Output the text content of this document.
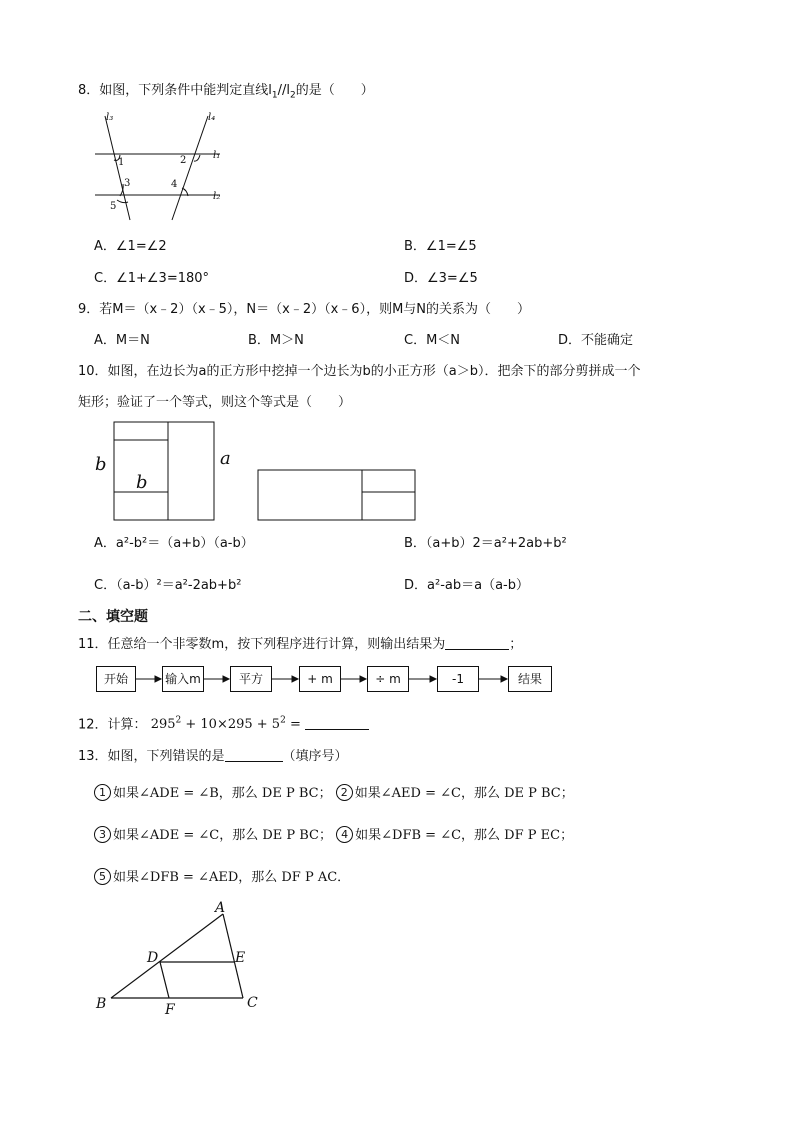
8．如图，下列条件中能判定直线$l_1//l_2$的是（　　）
l₃	l₄
l₁
l₂
1	2
3	4
5
A．∠1=∠2	B．∠1=∠5
C．∠1+∠3=180°	D．∠3=∠5
9．若M＝（x﹣2）（x﹣5），N＝（x﹣2）（x﹣6），则M与N的关系为（　　）
A．M＝N	B．M＞N	C．M＜N	D．不能确定
10．如图，在边长为a的正方形中挖掉一个边长为b的小正方形（a＞b）．把余下的部分剪拼成一个
矩形；验证了一个等式，则这个等式是（　　）
b
b
a
A．a²-b²＝（a+b）（a-b）	B．（a+b）2＝a²+2ab+b²
C．（a-b）²＝a²-2ab+b²	D．a²-ab＝a（a-b）
二、填空题
11．任意给一个非零数m，按下列程序进行计算，则输出结果为	；
开始	输入m	平方	+ m	÷ m	-1	结果
12．计算： $295^2 + 10\times 295 + 5^2$ =
13．如图，下列错误的是	（填序号）
1 如果∠ADE = ∠B，那么 DE P BC； 2 如果∠AED = ∠C，那么 DE P BC；
3 如果∠ADE = ∠C，那么 DE P BC； 4 如果∠DFB = ∠C，那么 DF P EC；
5 如果∠DFB = ∠AED，那么 DF P AC．
A
B	C
D	E
F
